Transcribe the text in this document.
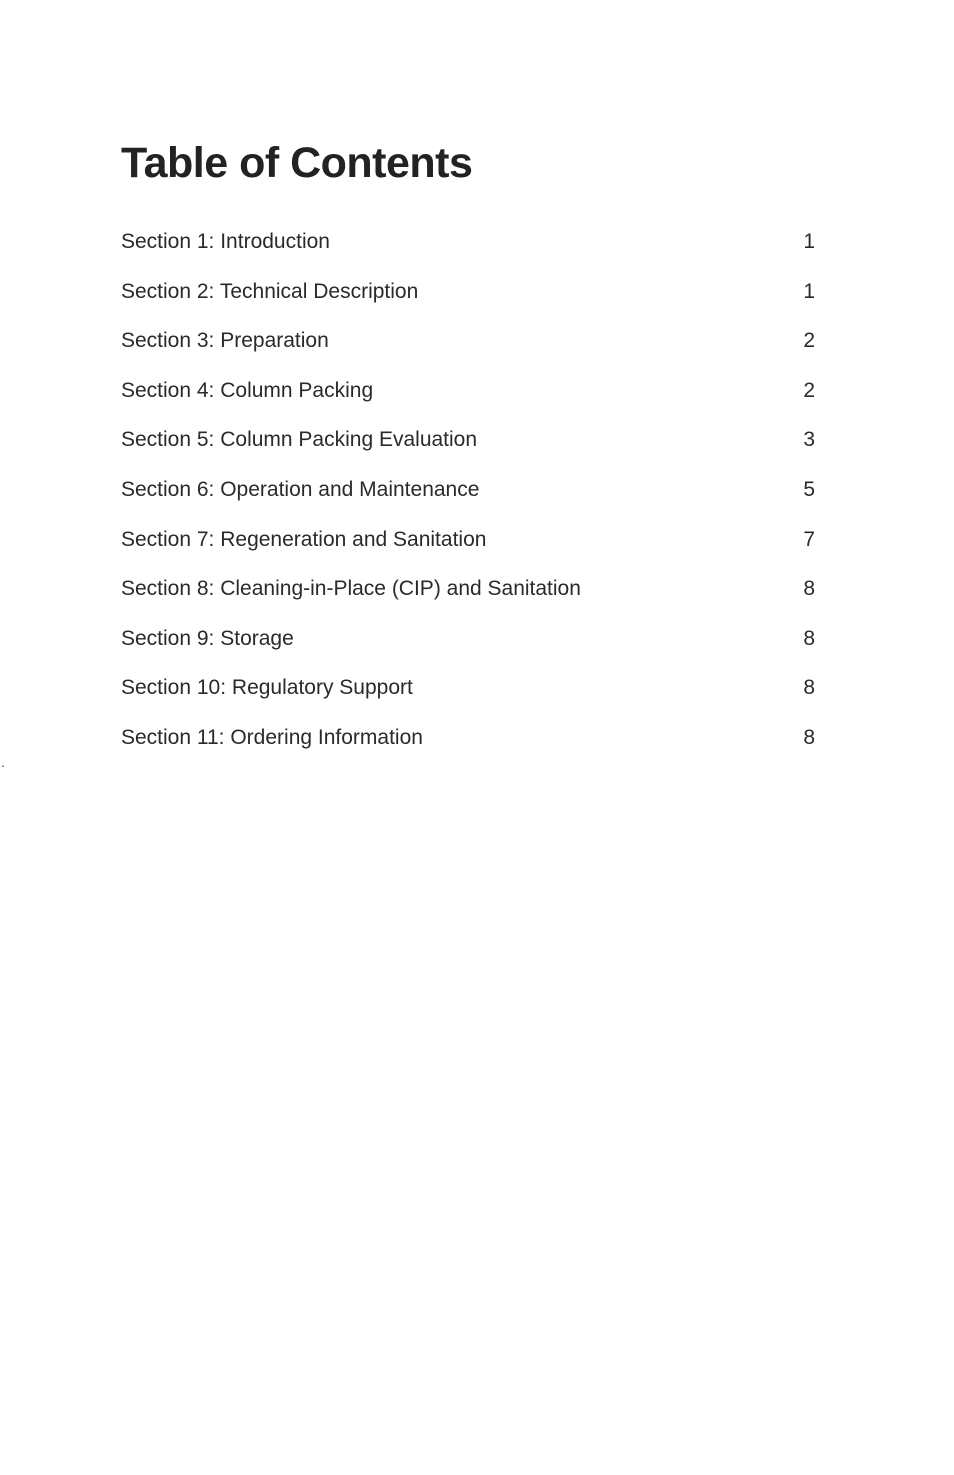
Table of Contents
Section 1: Introduction	1
Section 2: Technical Description	1
Section 3: Preparation	2
Section 4: Column Packing	2
Section 5: Column Packing Evaluation	3
Section 6: Operation and Maintenance	5
Section 7: Regeneration and Sanitation	7
Section 8: Cleaning-in-Place (CIP) and Sanitation	8
Section 9: Storage	8
Section 10: Regulatory Support	8
Section 11: Ordering Information	8
.
